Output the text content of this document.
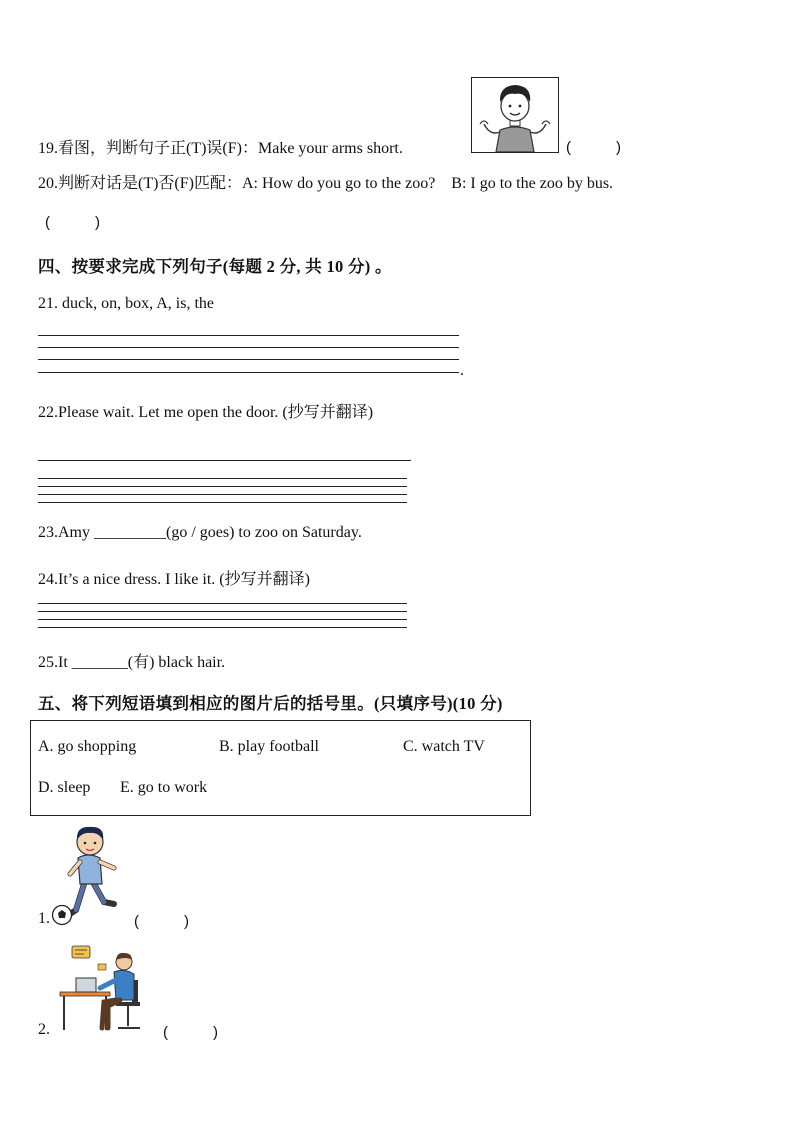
19.看图，判断句子正(T)误(F)：Make your arms short.	(　　　)
20.判断对话是(T)否(F)匹配：A: How do you go to the zoo?　B: I go to the zoo by bus.
(　　　)
四、按要求完成下列句子(每题 2 分, 共 10 分) 。
21. duck, on, box, A, is, the
.
22.Please wait. Let me open the door. (抄写并翻译)
23.Amy _________(go / goes) to zoo on Saturday.
24.It’s a nice dress. I like it. (抄写并翻译)
25.It _______(有) black hair.
五、将下列短语填到相应的图片后的括号里。(只填序号)(10 分)
A. go shopping	B. play football	C. watch TV
D. sleep E. go to work
1.	(　　　)
2.	(　　　)
